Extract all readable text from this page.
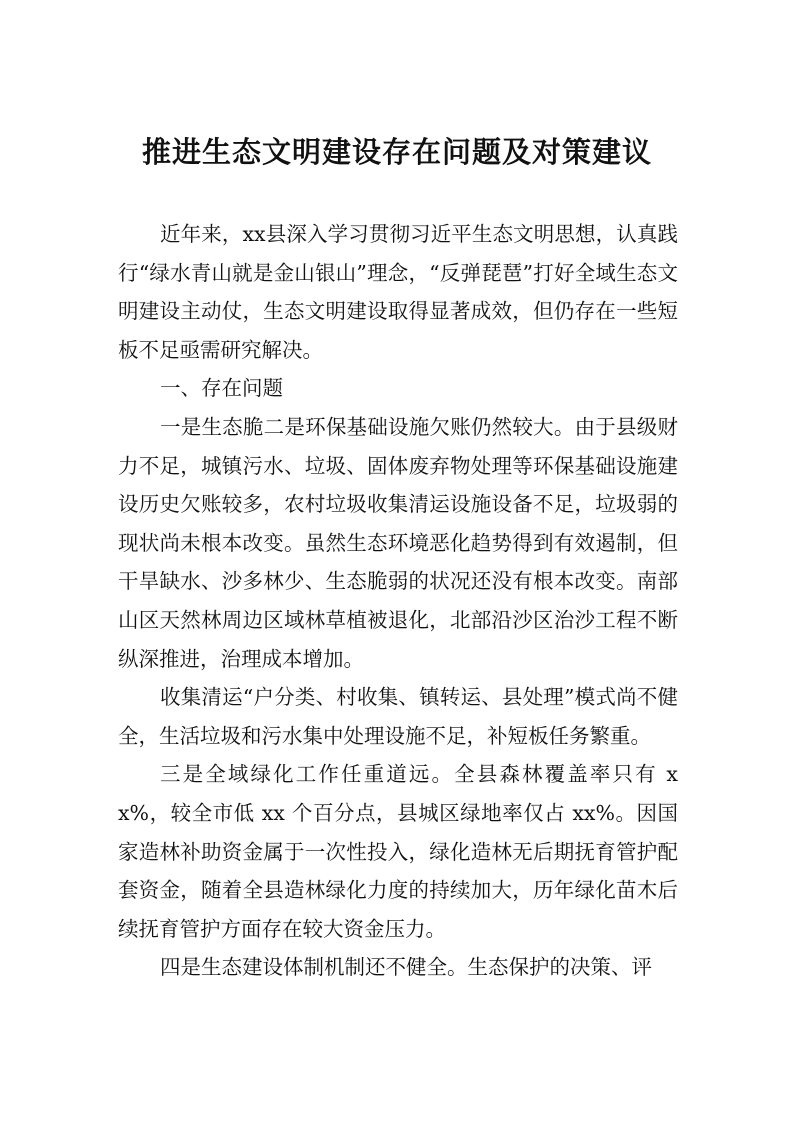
推进生态文明建设存在问题及对策建议

近年来，xx县深入学习贯彻习近平生态文明思想，认真践行“绿水青山就是金山银山”理念，“反弹琵琶”打好全域生态文明建设主动仗，生态文明建设取得显著成效，但仍存在一些短板不足亟需研究解决。

一、存在问题

一是生态脆二是环保基础设施欠账仍然较大。由于县级财力不足，城镇污水、垃圾、固体废弃物处理等环保基础设施建设历史欠账较多，农村垃圾收集清运设施设备不足，垃圾弱的现状尚未根本改变。虽然生态环境恶化趋势得到有效遏制，但干旱缺水、沙多林少、生态脆弱的状况还没有根本改变。南部山区天然林周边区域林草植被退化，北部沿沙区治沙工程不断纵深推进，治理成本增加。

收集清运“户分类、村收集、镇转运、县处理”模式尚不健全，生活垃圾和污水集中处理设施不足，补短板任务繁重。

三是全域绿化工作任重道远。全县森林覆盖率只有 xx%，较全市低 xx 个百分点，县城区绿地率仅占 xx%。因国家造林补助资金属于一次性投入，绿化造林无后期抚育管护配套资金，随着全县造林绿化力度的持续加大，历年绿化苗木后续抚育管护方面存在较大资金压力。

四是生态建设体制机制还不健全。生态保护的决策、评
